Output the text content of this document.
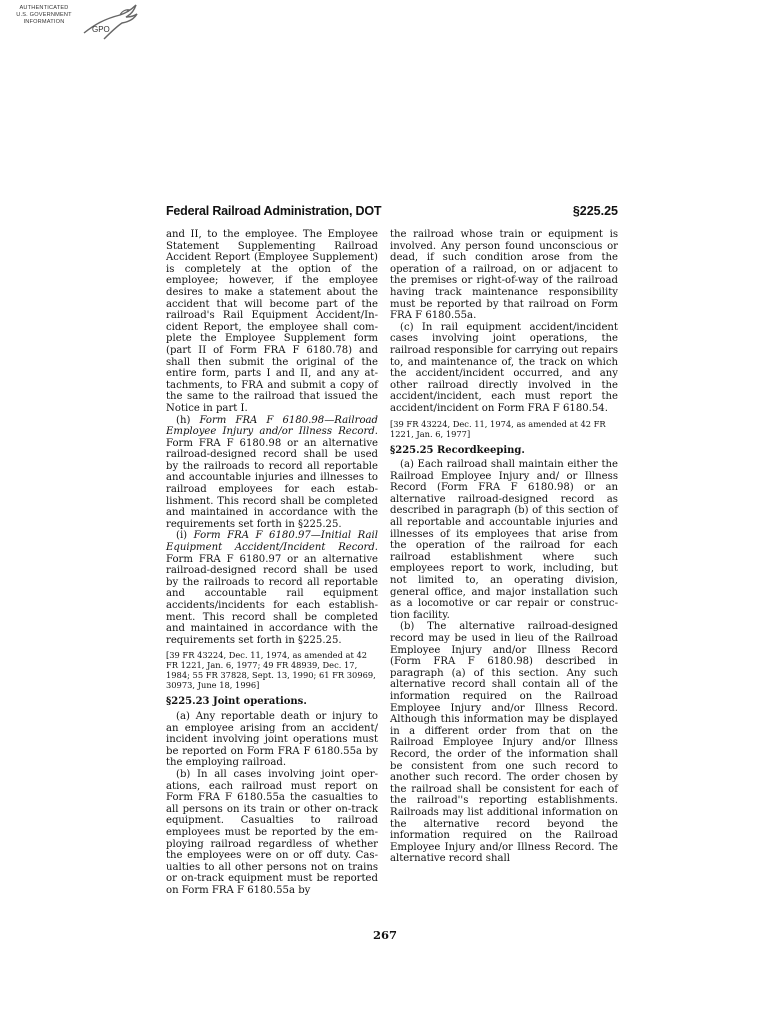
AUTHENTICATED
U.S. GOVERNMENT
INFORMATION
GPO
Federal Railroad Administration, DOT	§225.25

and II, to the employee. The Employee Statement Supplementing Railroad Accident Report (Employee Supplement) is completely at the option of the employee; however, if the employee desires to make a statement about the accident that will become part of the railroad's Rail Equipment Accident/Incident Report, the employee shall complete the Employee Supplement form (part II of Form FRA F 6180.78) and shall then submit the original of the entire form, parts I and II, and any attachments, to FRA and submit a copy of the same to the railroad that issued the Notice in part I.

(h) Form FRA F 6180.98—Railroad Employee Injury and/or Illness Record. Form FRA F 6180.98 or an alternative railroad-designed record shall be used by the railroads to record all reportable and accountable injuries and illnesses to railroad employees for each establishment. This record shall be completed and maintained in accordance with the requirements set forth in §225.25.

(i) Form FRA F 6180.97—Initial Rail Equipment Accident/Incident Record. Form FRA F 6180.97 or an alternative railroad-designed record shall be used by the railroads to record all reportable and accountable rail equipment accidents/incidents for each establishment. This record shall be completed and maintained in accordance with the requirements set forth in §225.25.

[39 FR 43224, Dec. 11, 1974, as amended at 42 FR 1221, Jan. 6, 1977; 49 FR 48939, Dec. 17, 1984; 55 FR 37828, Sept. 13, 1990; 61 FR 30969, 30973, June 18, 1996]

§225.23 Joint operations.

(a) Any reportable death or injury to an employee arising from an accident/ incident involving joint operations must be reported on Form FRA F 6180.55a by the employing railroad.

(b) In all cases involving joint operations, each railroad must report on Form FRA F 6180.55a the casualties to all persons on its train or other on-track equipment. Casualties to railroad employees must be reported by the employing railroad regardless of whether the employees were on or off duty. Casualties to all other persons not on trains or on-track equipment must be reported on Form FRA F 6180.55a by

the railroad whose train or equipment is involved. Any person found unconscious or dead, if such condition arose from the operation of a railroad, on or adjacent to the premises or right-of-way of the railroad having track maintenance responsibility must be reported by that railroad on Form FRA F 6180.55a.

(c) In rail equipment accident/incident cases involving joint operations, the railroad responsible for carrying out repairs to, and maintenance of, the track on which the accident/incident occurred, and any other railroad directly involved in the accident/incident, each must report the accident/incident on Form FRA F 6180.54.

[39 FR 43224, Dec. 11, 1974, as amended at 42 FR 1221, Jan. 6, 1977]

§225.25 Recordkeeping.

(a) Each railroad shall maintain either the Railroad Employee Injury and/ or Illness Record (Form FRA F 6180.98) or an alternative railroad-designed record as described in paragraph (b) of this section of all reportable and accountable injuries and illnesses of its employees that arise from the operation of the railroad for each railroad establishment where such employees report to work, including, but not limited to, an operating division, general office, and major installation such as a locomotive or car repair or construction facility.

(b) The alternative railroad-designed record may be used in lieu of the Railroad Employee Injury and/or Illness Record (Form FRA F 6180.98) described in paragraph (a) of this section. Any such alternative record shall contain all of the information required on the Railroad Employee Injury and/or Illness Record. Although this information may be displayed in a different order from that on the Railroad Employee Injury and/or Illness Record, the order of the information shall be consistent from one such record to another such record. The order chosen by the railroad shall be consistent for each of the railroad''s reporting establishments. Railroads may list additional information on the alternative record beyond the information required on the Railroad Employee Injury and/or Illness Record. The alternative record shall

267
